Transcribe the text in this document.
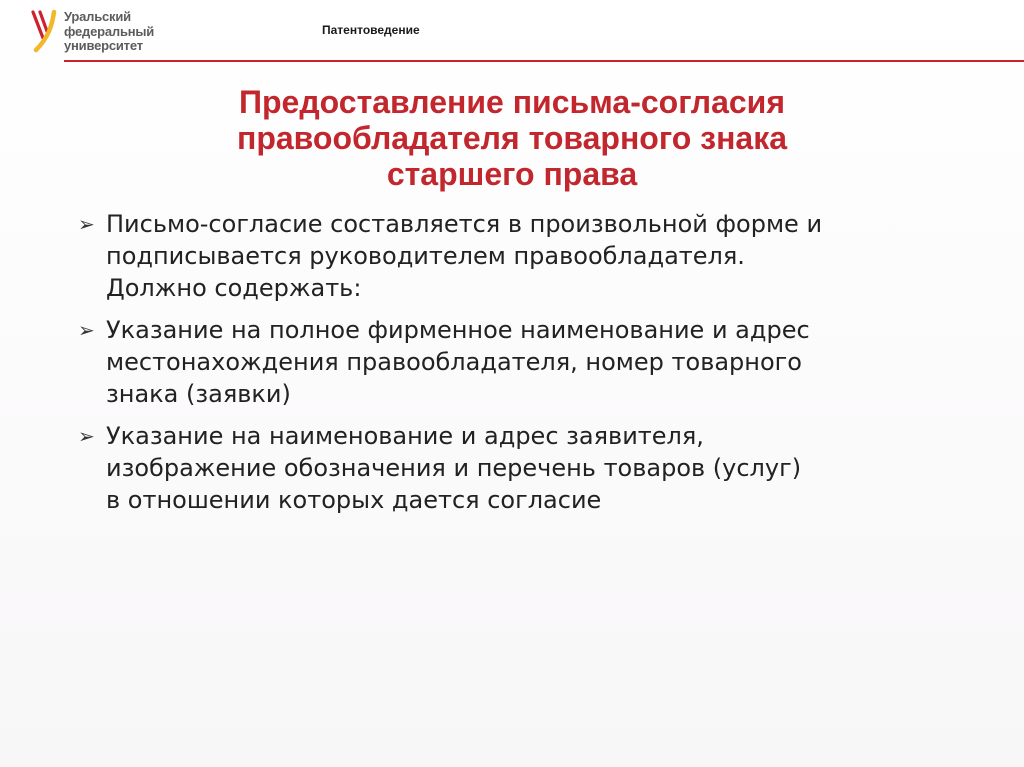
Уральский
федеральный
университет
Патентоведение
Предоставление письма-согласия
правообладателя товарного знака
старшего права
➢ Письмо-согласие составляется в произвольной форме и
подписывается руководителем правообладателя.
Должно содержать:
➢ Указание на полное фирменное наименование и адрес
местонахождения правообладателя, номер товарного
знака (заявки)
➢ Указание на наименование и адрес заявителя,
изображение обозначения и перечень товаров (услуг)
в отношении которых дается согласие
